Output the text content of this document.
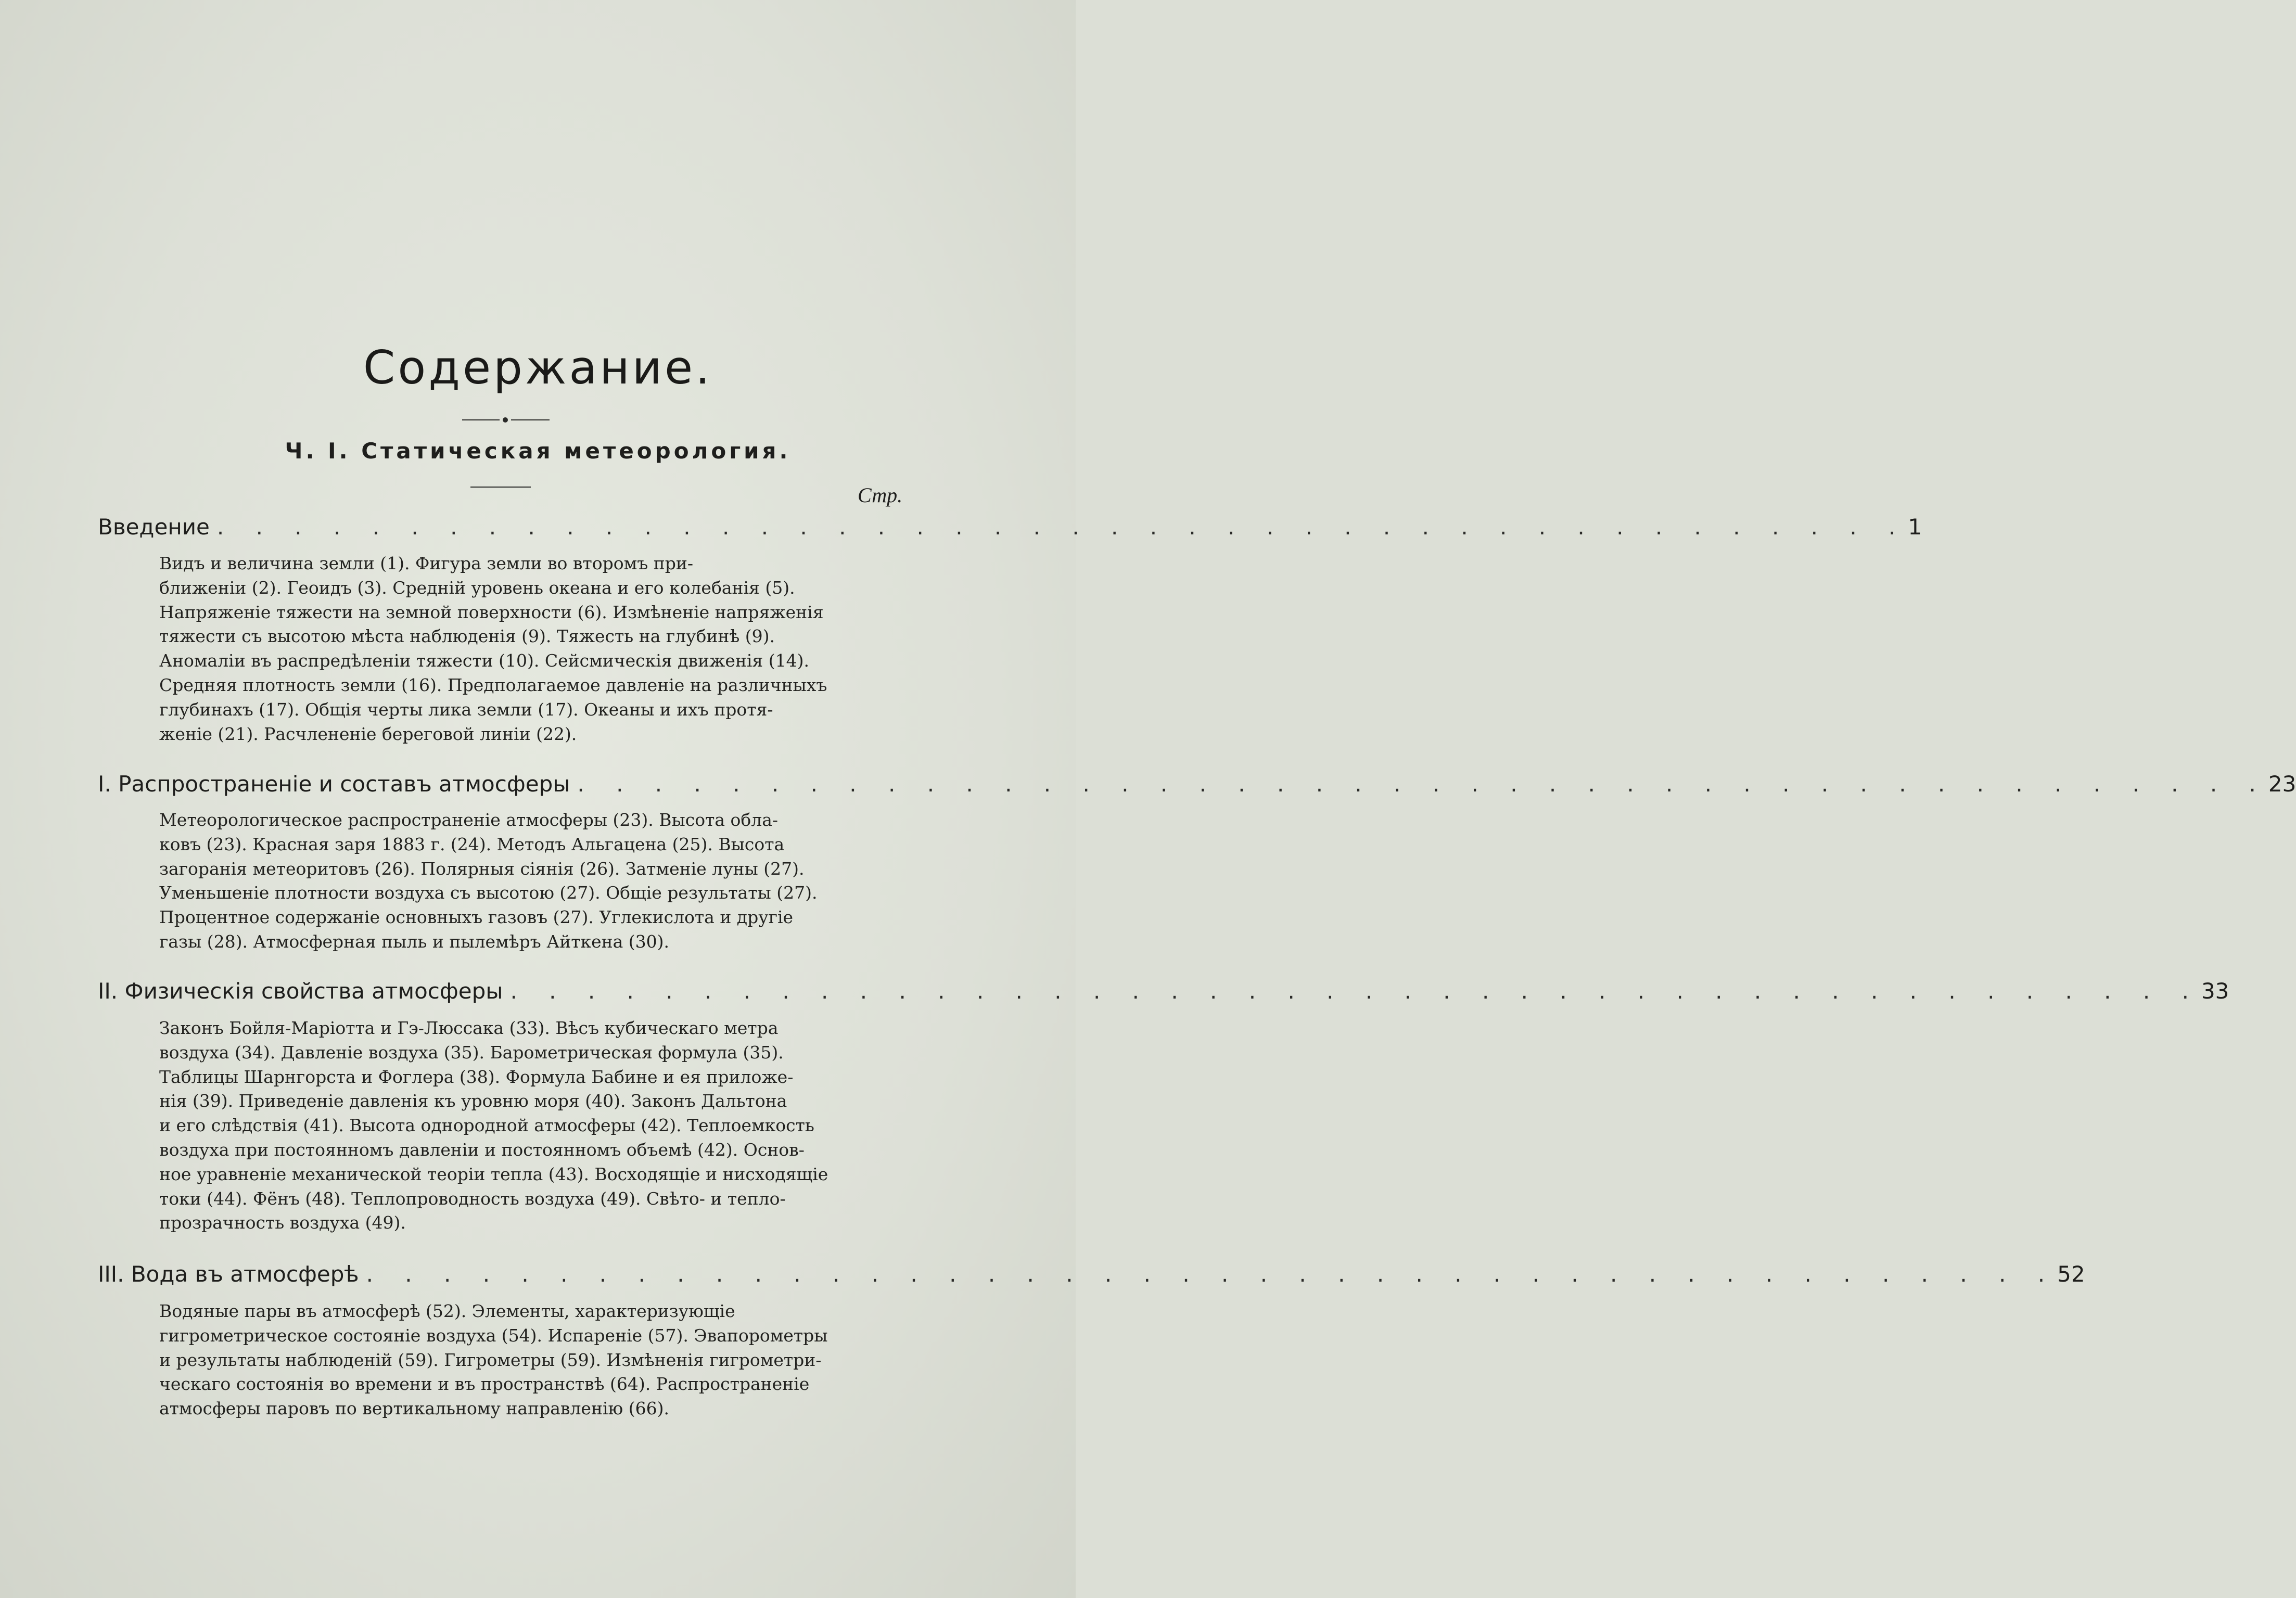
Содержание.
Ч. I. Статическая метеорология.
Стр.
Введение . . . . . . . . . . . . . . . . . . . . . . . . . . . . . . . . . . . . . . . . . . . . 1
Видъ и величина земли (1). Фигура земли во второмъ при-
ближеніи (2). Геоидъ (3). Средній уровень океана и его колебанія (5).
Напряженіе тяжести на земной поверхности (6). Измѣненіе напряженія
тяжести съ высотою мѣста наблюденія (9). Тяжесть на глубинѣ (9).
Аномаліи въ распредѣленіи тяжести (10). Сейсмическія движенія (14).
Средняя плотность земли (16). Предполагаемое давленіе на различныхъ
глубинахъ (17). Общія черты лика земли (17). Океаны и ихъ протя-
женіе (21). Расчлененіе береговой линіи (22).
I. Распространеніе и составъ атмосферы . . . . . . . . . . . . . . . . . . . . . . . . . . . . . . . . . . . . . . . . . . . . 23
Метеорологическое распространеніе атмосферы (23). Высота обла-
ковъ (23). Красная заря 1883 г. (24). Методъ Альгацена (25). Высота
загоранія метеоритовъ (26). Полярныя сіянія (26). Затменіе луны (27).
Уменьшеніе плотности воздуха съ высотою (27). Общіе результаты (27).
Процентное содержаніе основныхъ газовъ (27). Углекислота и другіе
газы (28). Атмосферная пыль и пылемѣръ Айткена (30).
II. Физическія свойства атмосферы . . . . . . . . . . . . . . . . . . . . . . . . . . . . . . . . . . . . . . . . . . . . 33
Законъ Бойля-Маріотта и Гэ-Люссака (33). Вѣсъ кубическаго метра
воздуха (34). Давленіе воздуха (35). Барометрическая формула (35).
Таблицы Шарнгорста и Фоглера (38). Формула Бабине и ея приложе-
нія (39). Приведеніе давленія къ уровню моря (40). Законъ Дальтона
и его слѣдствія (41). Высота однородной атмосферы (42). Теплоемкость
воздуха при постоянномъ давленіи и постоянномъ объемѣ (42). Основ-
ное уравненіе механической теоріи тепла (43). Восходящіе и нисходящіе
токи (44). Фёнъ (48). Теплопроводность воздуха (49). Свѣто- и тепло-
прозрачность воздуха (49).
III. Вода въ атмосферѣ . . . . . . . . . . . . . . . . . . . . . . . . . . . . . . . . . . . . . . . . . . . . 52
Водяные пары въ атмосферѣ (52). Элементы, характеризующіе
гигрометрическое состояніе воздуха (54). Испареніе (57). Эвапорометры
и результаты наблюденій (59). Гигрометры (59). Измѣненія гигрометри-
ческаго состоянія во времени и въ пространствѣ (64). Распространеніе
атмосферы паровъ по вертикальному направленію (66).
